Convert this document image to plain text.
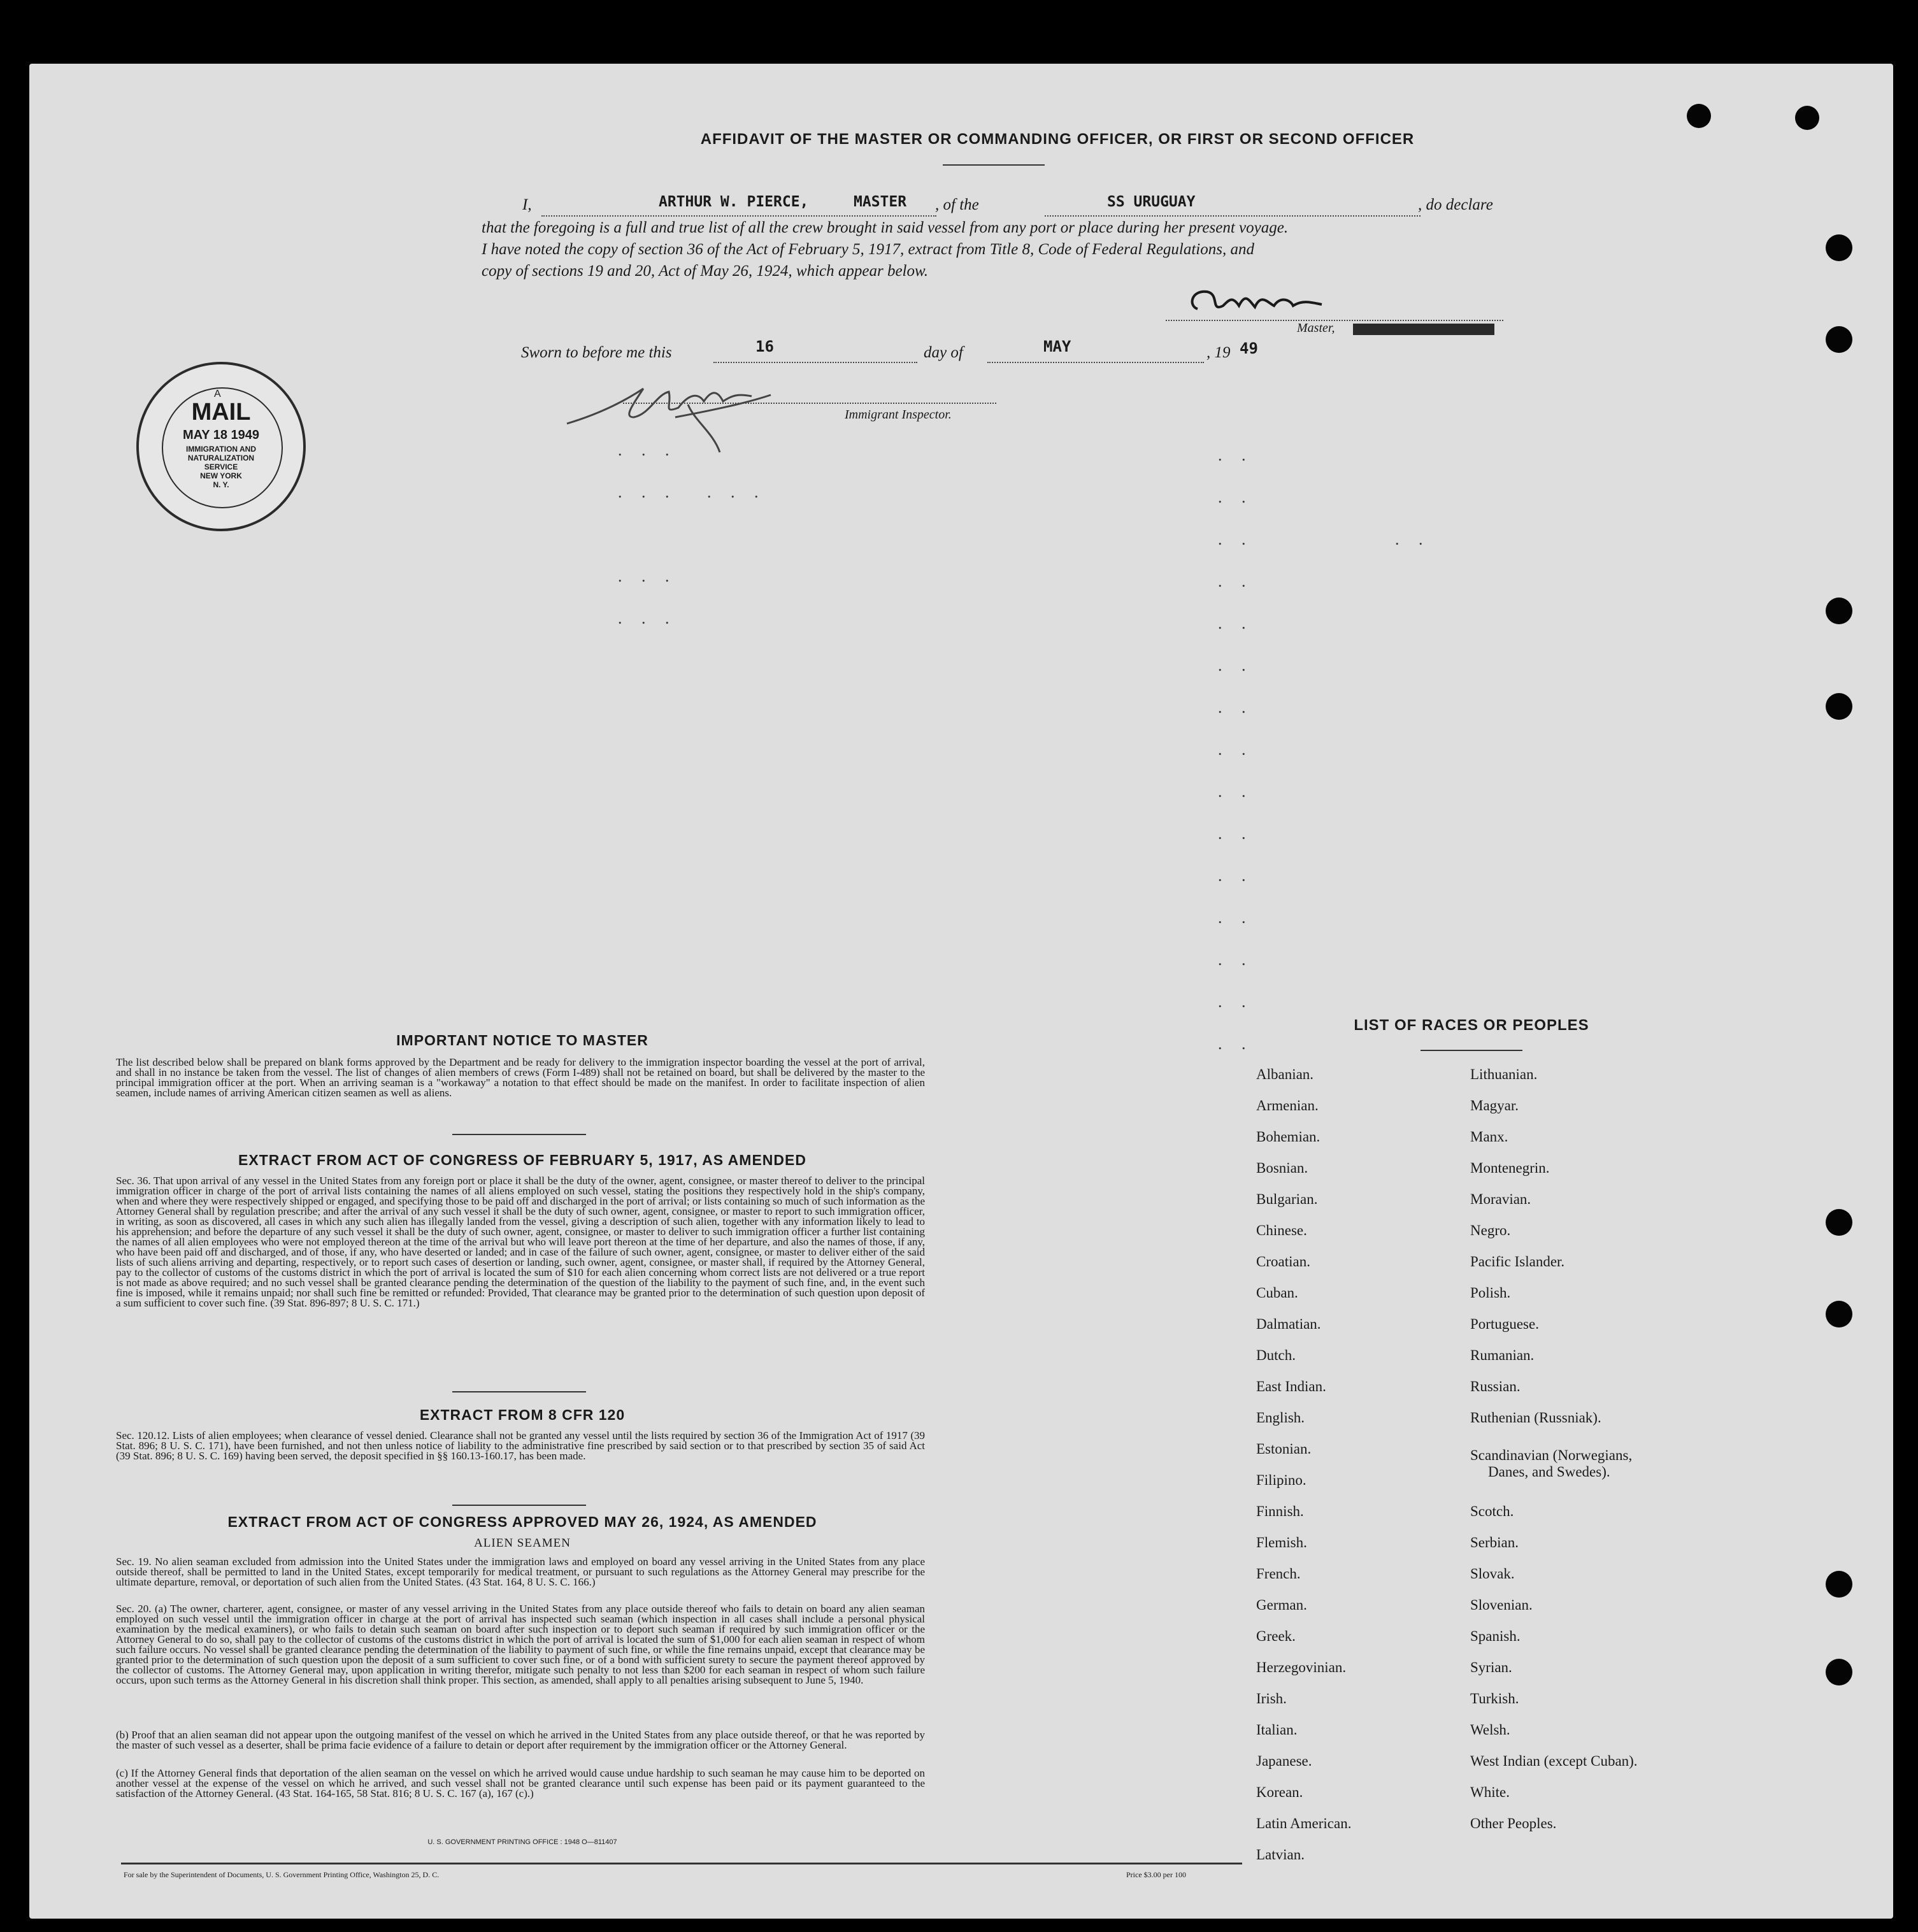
AFFIDAVIT OF THE MASTER OR COMMANDING OFFICER, OR FIRST OR SECOND OFFICER
I,	ARTHUR W. PIERCE,	MASTER , of the	SS URUGUAY	, do declare
that the foregoing is a full and true list of all the crew brought in said vessel from any port or place during her present voyage.
I have noted the copy of section 36 of the Act of February 5, 1917, extract from Title 8, Code of Federal Regulations, and
copy of sections 19 and 20, Act of May 26, 1924, which appear below.
Master,
Sworn to before me this	16	day of	MAY	, 19 49
Immigrant Inspector.
A
MAIL
MAY 18 1949
IMMIGRATION AND
NATURALIZATION
SERVICE
NEW YORK
N. Y.
. . .
. . . . . .
. . .
. . .
. .
. .
. .	. .
. .
. .
. .
. .
. .
. .
. .
. .
. .
. .
. .
. .
IMPORTANT NOTICE TO MASTER
The list described below shall be prepared on blank forms approved by the Department and be ready for delivery to the immigration inspector boarding the vessel at the port of arrival, and shall in no instance be taken from the vessel. The list of changes of alien members of crews (Form I-489) shall not be retained on board, but shall be delivered by the master to the principal immigration officer at the port. When an arriving seaman is a "workaway" a notation to that effect should be made on the manifest. In order to facilitate inspection of alien seamen, include names of arriving American citizen seamen as well as aliens.
EXTRACT FROM ACT OF CONGRESS OF FEBRUARY 5, 1917, AS AMENDED
Sec. 36. That upon arrival of any vessel in the United States from any foreign port or place it shall be the duty of the owner, agent, consignee, or master thereof to deliver to the principal immigration officer in charge of the port of arrival lists containing the names of all aliens employed on such vessel, stating the positions they respectively hold in the ship's company, when and where they were respectively shipped or engaged, and specifying those to be paid off and discharged in the port of arrival; or lists containing so much of such information as the Attorney General shall by regulation prescribe; and after the arrival of any such vessel it shall be the duty of such owner, agent, consignee, or master to report to such immigration officer, in writing, as soon as discovered, all cases in which any such alien has illegally landed from the vessel, giving a description of such alien, together with any information likely to lead to his apprehension; and before the departure of any such vessel it shall be the duty of such owner, agent, consignee, or master to deliver to such immigration officer a further list containing the names of all alien employees who were not employed thereon at the time of the arrival but who will leave port thereon at the time of her departure, and also the names of those, if any, who have been paid off and discharged, and of those, if any, who have deserted or landed; and in case of the failure of such owner, agent, consignee, or master to deliver either of the said lists of such aliens arriving and departing, respectively, or to report such cases of desertion or landing, such owner, agent, consignee, or master shall, if required by the Attorney General, pay to the collector of customs of the customs district in which the port of arrival is located the sum of $10 for each alien concerning whom correct lists are not delivered or a true report is not made as above required; and no such vessel shall be granted clearance pending the determination of the question of the liability to the payment of such fine, and, in the event such fine is imposed, while it remains unpaid; nor shall such fine be remitted or refunded: Provided, That clearance may be granted prior to the determination of such question upon deposit of a sum sufficient to cover such fine. (39 Stat. 896-897; 8 U. S. C. 171.)
EXTRACT FROM 8 CFR 120
Sec. 120.12. Lists of alien employees; when clearance of vessel denied. Clearance shall not be granted any vessel until the lists required by section 36 of the Immigration Act of 1917 (39 Stat. 896; 8 U. S. C. 171), have been furnished, and not then unless notice of liability to the administrative fine prescribed by said section or to that prescribed by section 35 of said Act (39 Stat. 896; 8 U. S. C. 169) having been served, the deposit specified in §§ 160.13-160.17, has been made.
EXTRACT FROM ACT OF CONGRESS APPROVED MAY 26, 1924, AS AMENDED
ALIEN SEAMEN
Sec. 19. No alien seaman excluded from admission into the United States under the immigration laws and employed on board any vessel arriving in the United States from any place outside thereof, shall be permitted to land in the United States, except temporarily for medical treatment, or pursuant to such regulations as the Attorney General may prescribe for the ultimate departure, removal, or deportation of such alien from the United States. (43 Stat. 164, 8 U. S. C. 166.)
Sec. 20. (a) The owner, charterer, agent, consignee, or master of any vessel arriving in the United States from any place outside thereof who fails to detain on board any alien seaman employed on such vessel until the immigration officer in charge at the port of arrival has inspected such seaman (which inspection in all cases shall include a personal physical examination by the medical examiners), or who fails to detain such seaman on board after such inspection or to deport such seaman if required by such immigration officer or the Attorney General to do so, shall pay to the collector of customs of the customs district in which the port of arrival is located the sum of $1,000 for each alien seaman in respect of whom such failure occurs. No vessel shall be granted clearance pending the determination of the liability to payment of such fine, or while the fine remains unpaid, except that clearance may be granted prior to the determination of such question upon the deposit of a sum sufficient to cover such fine, or of a bond with sufficient surety to secure the payment thereof approved by the collector of customs. The Attorney General may, upon application in writing therefor, mitigate such penalty to not less than $200 for each seaman in respect of whom such failure occurs, upon such terms as the Attorney General in his discretion shall think proper. This section, as amended, shall apply to all penalties arising subsequent to June 5, 1940.
(b) Proof that an alien seaman did not appear upon the outgoing manifest of the vessel on which he arrived in the United States from any place outside thereof, or that he was reported by the master of such vessel as a deserter, shall be prima facie evidence of a failure to detain or deport after requirement by the immigration officer or the Attorney General.
(c) If the Attorney General finds that deportation of the alien seaman on the vessel on which he arrived would cause undue hardship to such seaman he may cause him to be deported on another vessel at the expense of the vessel on which he arrived, and such vessel shall not be granted clearance until such expense has been paid or its payment guaranteed to the satisfaction of the Attorney General. (43 Stat. 164-165, 58 Stat. 816; 8 U. S. C. 167 (a), 167 (c).)
U. S. GOVERNMENT PRINTING OFFICE : 1948 O—811407
For sale by the Superintendent of Documents, U. S. Government Printing Office, Washington 25, D. C.	Price $3.00 per 100
LIST OF RACES OR PEOPLES
Albanian.
Armenian.
Bohemian.
Bosnian.
Bulgarian.
Chinese.
Croatian.
Cuban.
Dalmatian.
Dutch.
East Indian.
English.
Estonian.
Filipino.
Finnish.
Flemish.
French.
German.
Greek.
Herzegovinian.
Irish.
Italian.
Japanese.
Korean.
Latin American.
Latvian.
Lithuanian.
Magyar.
Manx.
Montenegrin.
Moravian.
Negro.
Pacific Islander.
Polish.
Portuguese.
Rumanian.
Russian.
Ruthenian (Russniak).
Scandinavian (Norwegians,
Danes, and Swedes).
Scotch.
Serbian.
Slovak.
Slovenian.
Spanish.
Syrian.
Turkish.
Welsh.
West Indian (except Cuban).
White.
Other Peoples.
